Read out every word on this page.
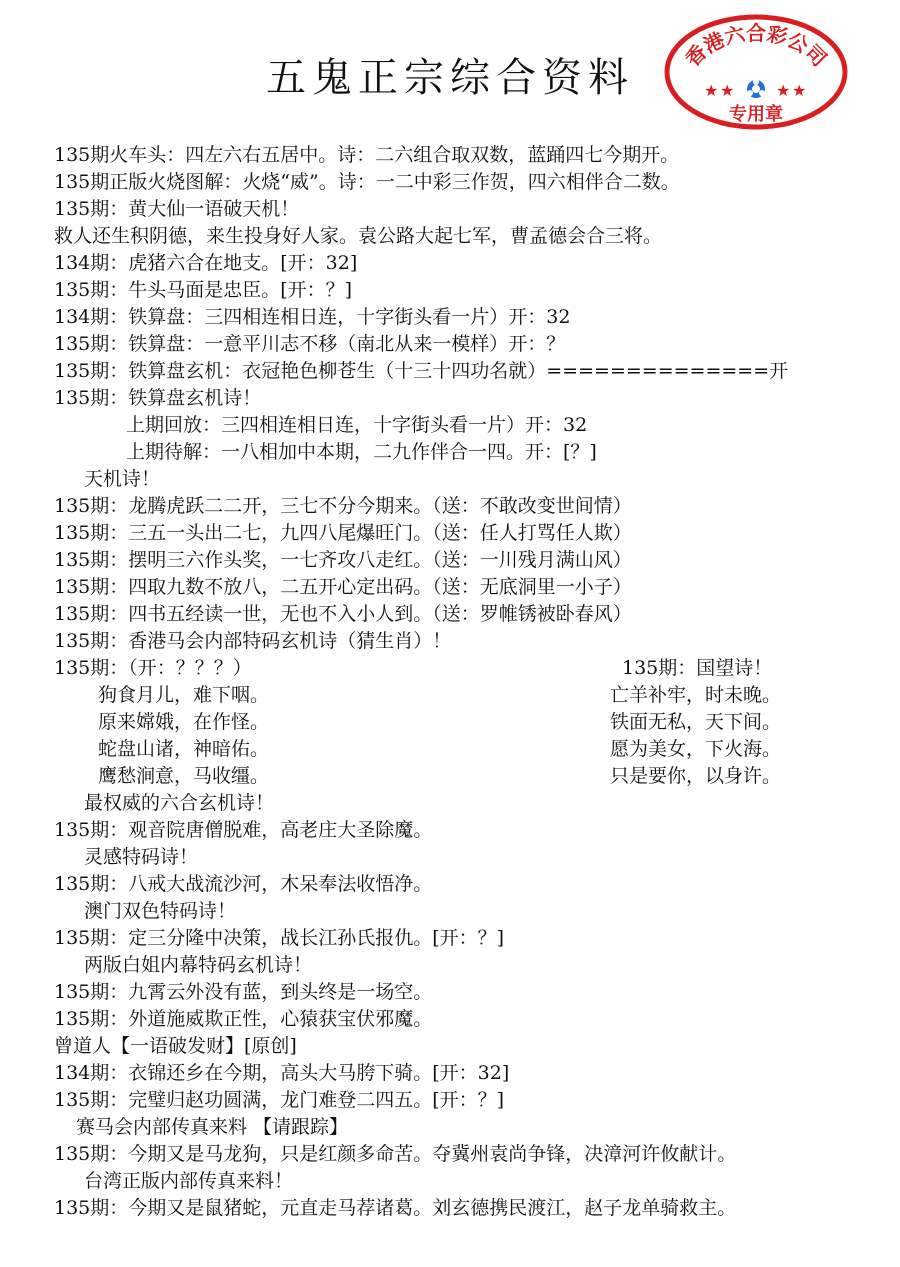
五鬼正宗综合资料	香港六合彩公司
★ ★	★ ★
专用章
135期火车头：四左六右五居中。诗：二六组合取双数，蓝踊四七今期开。
135期正版火烧图解：火烧“威”。诗：一二中彩三作贺，四六相伴合二数。
135期：黄大仙一语破天机！
救人还生积阴德，来生投身好人家。袁公路大起七军，曹孟德会合三将。
134期：虎猪六合在地支。[开：32]
135期：牛头马面是忠臣。[开：？]
134期：铁算盘：三四相连相日连，十字街头看一片）开：32
135期：铁算盘：一意平川志不移（南北从来一模样）开：？
135期：铁算盘玄机：衣冠艳色柳苍生（十三十四功名就）==============开
135期：铁算盘玄机诗！
上期回放：三四相连相日连，十字街头看一片）开：32
上期待解：一八相加中本期，二九作伴合一四。开：[？]
天机诗！
135期：龙腾虎跃二二开，三七不分今期来。（送：不敢改变世间情）
135期：三五一头出二七，九四八尾爆旺门。（送：任人打骂任人欺）
135期：摆明三六作头奖，一七齐攻八走红。（送：一川残月满山风）
135期：四取九数不放八，二五开心定出码。（送：无底洞里一小子）
135期：四书五经读一世，无也不入小人到。（送：罗帷锈被卧春风）
135期：香港马会内部特码玄机诗（猜生肖）！
135期：（开：？？？）
狗食月儿，难下咽。
原来嫦娥，在作怪。
蛇盘山诸，神暗佑。
鹰愁涧意，马收缰。
最权威的六合玄机诗！
135期：观音院唐僧脱难，高老庄大圣除魔。
灵感特码诗！
135期：八戒大战流沙河，木呆奉法收悟净。
澳门双色特码诗！
135期：定三分隆中决策，战长江孙氏报仇。[开：？]
两版白姐内幕特码玄机诗！
135期：九霄云外没有蓝，到头终是一场空。
135期：外道施威欺正性，心猿获宝伏邪魔。
曾道人【一语破发财】[原创]
134期：衣锦还乡在今期，高头大马胯下骑。[开：32]
135期：完璧归赵功圆满，龙门难登二四五。[开：？]
赛马会内部传真来料 【请跟踪】
135期：今期又是马龙狗，只是红颜多命苦。夺冀州袁尚争锋，决漳河许攸献计。
台湾正版内部传真来料！
135期：今期又是鼠猪蛇，元直走马荐诸葛。刘玄德携民渡江，赵子龙单骑救主。
135期：国望诗！
亡羊补牢，时未晚。
铁面无私，天下间。
愿为美女，下火海。
只是要你，以身许。
